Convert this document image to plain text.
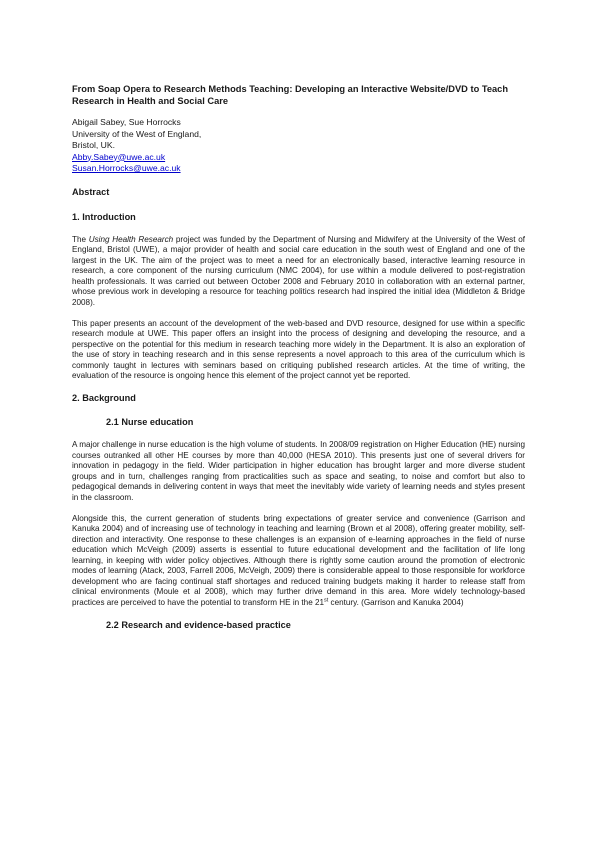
From Soap Opera to Research Methods Teaching: Developing an Interactive Website/DVD to Teach Research in Health and Social Care
Abigail Sabey, Sue Horrocks
University of the West of England,
Bristol, UK.
Abby.Sabey@uwe.ac.uk
Susan.Horrocks@uwe.ac.uk
Abstract
1. Introduction

The Using Health Research project was funded by the Department of Nursing and Midwifery at the University of the West of England, Bristol (UWE), a major provider of health and social care education in the south west of England and one of the largest in the UK. The aim of the project was to meet a need for an electronically based, interactive learning resource in research, a core component of the nursing curriculum (NMC 2004), for use within a module delivered to post-registration health professionals. It was carried out between October 2008 and February 2010 in collaboration with an external partner, whose previous work in developing a resource for teaching politics research had inspired the initial idea (Middleton & Bridge 2008).

This paper presents an account of the development of the web-based and DVD resource, designed for use within a specific research module at UWE. This paper offers an insight into the process of designing and developing the resource, and a perspective on the potential for this medium in research teaching more widely in the Department. It is also an exploration of the use of story in teaching research and in this sense represents a novel approach to this area of the curriculum which is commonly taught in lectures with seminars based on critiquing published research articles. At the time of writing, the evaluation of the resource is ongoing hence this element of the project cannot yet be reported.

2. Background
2.1 Nurse education

A major challenge in nurse education is the high volume of students. In 2008/09 registration on Higher Education (HE) nursing courses outranked all other HE courses by more than 40,000 (HESA 2010). This presents just one of several drivers for innovation in pedagogy in the field. Wider participation in higher education has brought larger and more diverse student groups and in turn, challenges ranging from practicalities such as space and seating, to noise and comfort but also to pedagogical demands in delivering content in ways that meet the inevitably wide variety of learning needs and styles present in the classroom.

Alongside this, the current generation of students bring expectations of greater service and convenience (Garrison and Kanuka 2004) and of increasing use of technology in teaching and learning (Brown et al 2008), offering greater mobility, self-direction and interactivity. One response to these challenges is an expansion of e-learning approaches in the field of nurse education which McVeigh (2009) asserts is essential to future educational development and the facilitation of life long learning, in keeping with wider policy objectives. Although there is rightly some caution around the promotion of electronic modes of learning (Atack, 2003, Farrell 2006, McVeigh, 2009) there is considerable appeal to those responsible for workforce development who are facing continual staff shortages and reduced training budgets making it harder to release staff from clinical environments (Moule et al 2008), which may further drive demand in this area. More widely technology-based practices are perceived to have the potential to transform HE in the 21st century. (Garrison and Kanuka 2004)

2.2 Research and evidence-based practice
